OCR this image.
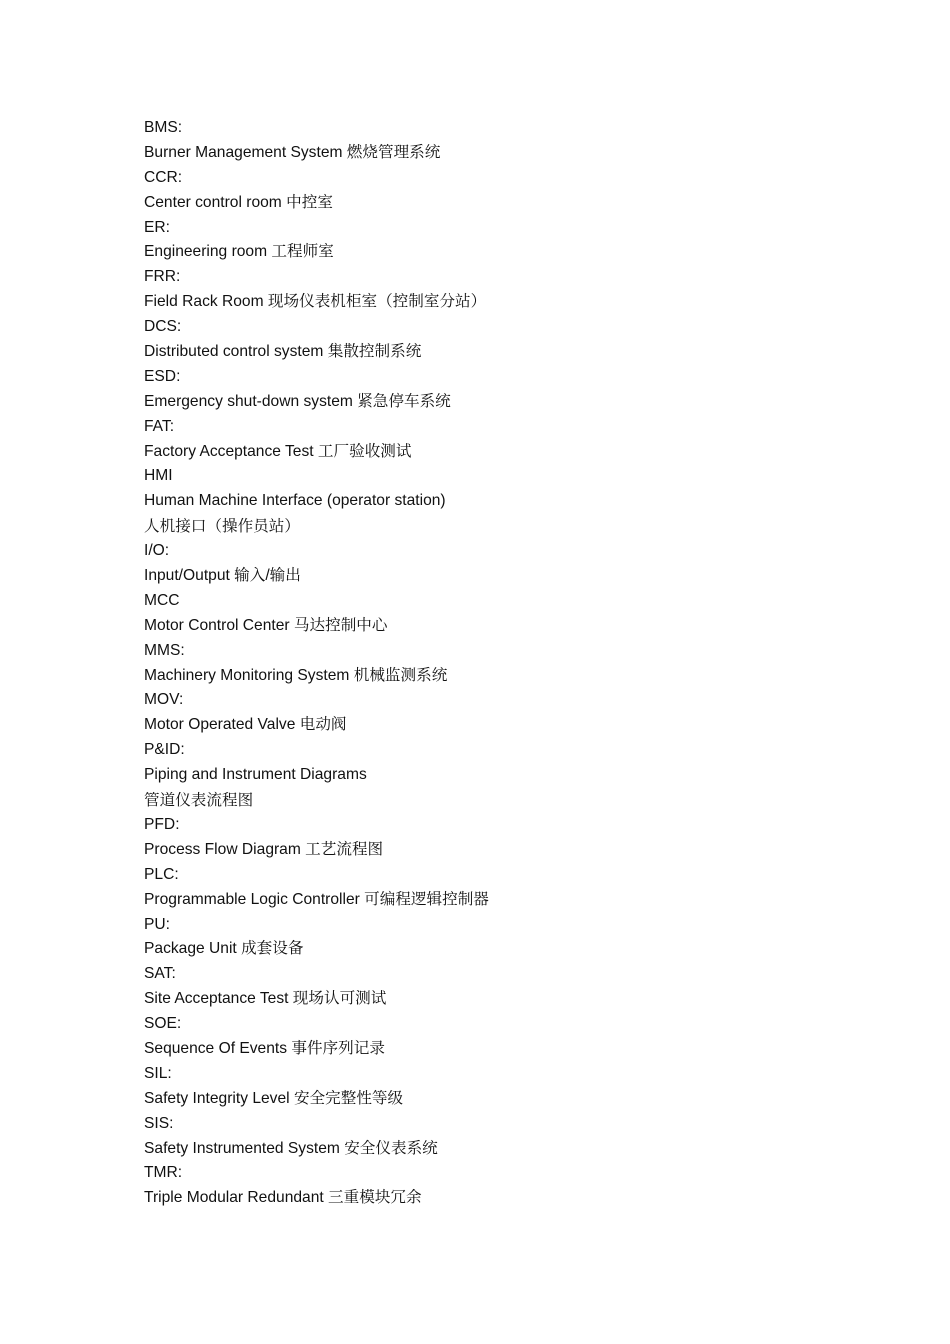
BMS:
Burner Management System 燃烧管理系统
CCR:
Center control room 中控室
ER:
Engineering room 工程师室
FRR:
Field Rack Room 现场仪表机柜室（控制室分站）
DCS:
Distributed control system 集散控制系统
ESD:
Emergency shut-down system 紧急停车系统
FAT:
Factory Acceptance Test 工厂验收测试
HMI
Human Machine Interface (operator station)
人机接口（操作员站）
I/O:
Input/Output 输入/输出
MCC
Motor Control Center 马达控制中心
MMS:
Machinery Monitoring System 机械监测系统
MOV:
Motor Operated Valve 电动阀
P&ID:
Piping and Instrument Diagrams
管道仪表流程图
PFD:
Process Flow Diagram 工艺流程图
PLC:
Programmable Logic Controller 可编程逻辑控制器
PU:
Package Unit 成套设备
SAT:
Site Acceptance Test 现场认可测试
SOE:
Sequence Of Events 事件序列记录
SIL:
Safety Integrity Level 安全完整性等级
SIS:
Safety Instrumented System 安全仪表系统
TMR:
Triple Modular Redundant 三重模块冗余
